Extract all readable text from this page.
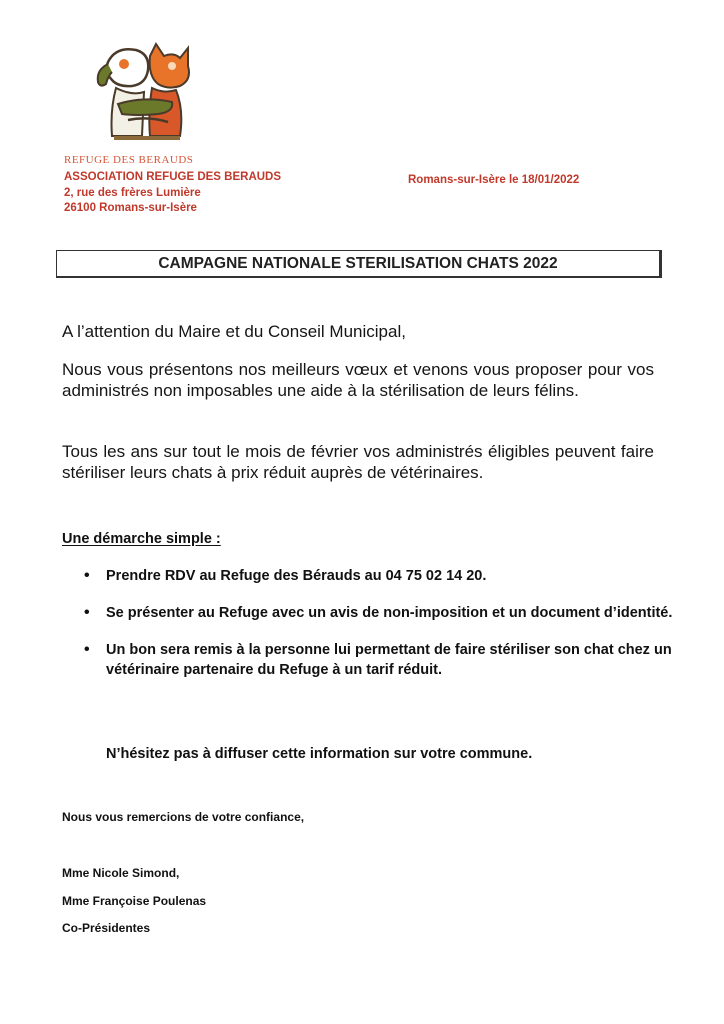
REFUGE DES BERAUDS
ASSOCIATION REFUGE DES BERAUDS
2, rue des frères Lumière
26100 Romans-sur-Isère
Romans-sur-Isère le 18/01/2022
CAMPAGNE NATIONALE STERILISATION CHATS 2022
A l’attention du Maire et du Conseil Municipal,
Nous vous présentons nos meilleurs vœux et venons vous proposer pour vos administrés non imposables une aide à la stérilisation de leurs félins.
Tous les ans sur tout le mois de février vos administrés éligibles peuvent faire stériliser leurs chats à prix réduit auprès de vétérinaires.
Une démarche simple :
• Prendre RDV au Refuge des Bérauds au 04 75 02 14 20.
• Se présenter au Refuge avec un avis de non-imposition et un document d’identité.
• Un bon sera remis à la personne lui permettant de faire stériliser son chat chez un vétérinaire partenaire du Refuge à un tarif réduit.
N’hésitez pas à diffuser cette information sur votre commune.
Nous vous remercions de votre confiance,
Mme Nicole Simond,
Mme Françoise Poulenas
Co-Présidentes
